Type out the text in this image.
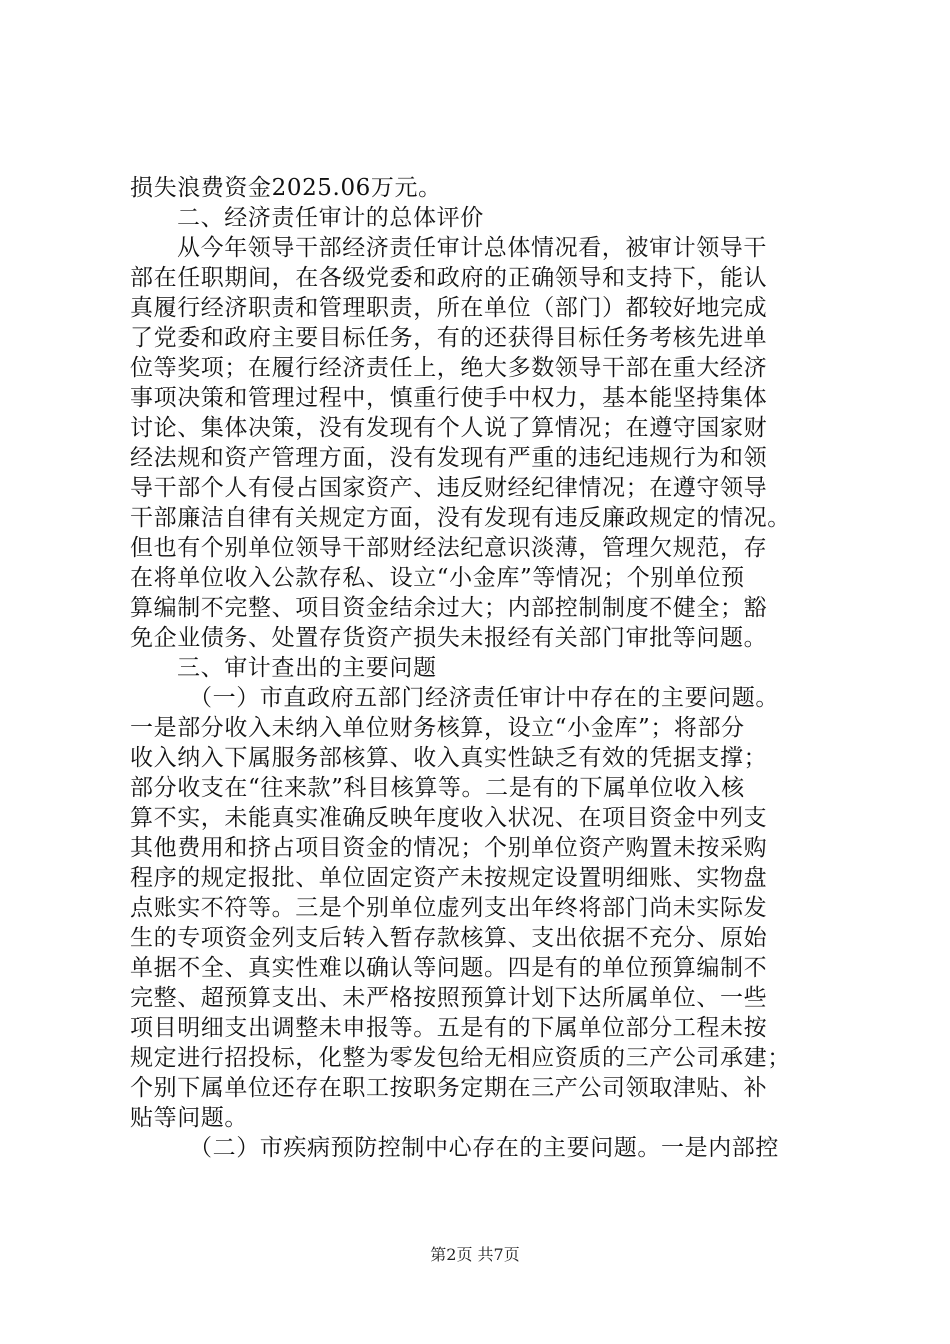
损失浪费资金2025.06万元。
二、经济责任审计的总体评价
从今年领导干部经济责任审计总体情况看，被审计领导干
部在任职期间，在各级党委和政府的正确领导和支持下，能认
真履行经济职责和管理职责，所在单位（部门）都较好地完成
了党委和政府主要目标任务，有的还获得目标任务考核先进单
位等奖项；在履行经济责任上，绝大多数领导干部在重大经济
事项决策和管理过程中，慎重行使手中权力，基本能坚持集体
讨论、集体决策，没有发现有个人说了算情况；在遵守国家财
经法规和资产管理方面，没有发现有严重的违纪违规行为和领
导干部个人有侵占国家资产、违反财经纪律情况；在遵守领导
干部廉洁自律有关规定方面，没有发现有违反廉政规定的情况。
但也有个别单位领导干部财经法纪意识淡薄，管理欠规范，存
在将单位收入公款存私、设立“小金库”等情况；个别单位预
算编制不完整、项目资金结余过大；内部控制制度不健全；豁
免企业债务、处置存货资产损失未报经有关部门审批等问题。
三、审计查出的主要问题
（一）市直政府五部门经济责任审计中存在的主要问题。
一是部分收入未纳入单位财务核算，设立“小金库”；将部分
收入纳入下属服务部核算、收入真实性缺乏有效的凭据支撑；
部分收支在“往来款”科目核算等。二是有的下属单位收入核
算不实，未能真实准确反映年度收入状况、在项目资金中列支
其他费用和挤占项目资金的情况；个别单位资产购置未按采购
程序的规定报批、单位固定资产未按规定设置明细账、实物盘
点账实不符等。三是个别单位虚列支出年终将部门尚未实际发
生的专项资金列支后转入暂存款核算、支出依据不充分、原始
单据不全、真实性难以确认等问题。四是有的单位预算编制不
完整、超预算支出、未严格按照预算计划下达所属单位、一些
项目明细支出调整未申报等。五是有的下属单位部分工程未按
规定进行招投标，化整为零发包给无相应资质的三产公司承建；
个别下属单位还存在职工按职务定期在三产公司领取津贴、补
贴等问题。
（二）市疾病预防控制中心存在的主要问题。一是内部控
第2页 共7页
